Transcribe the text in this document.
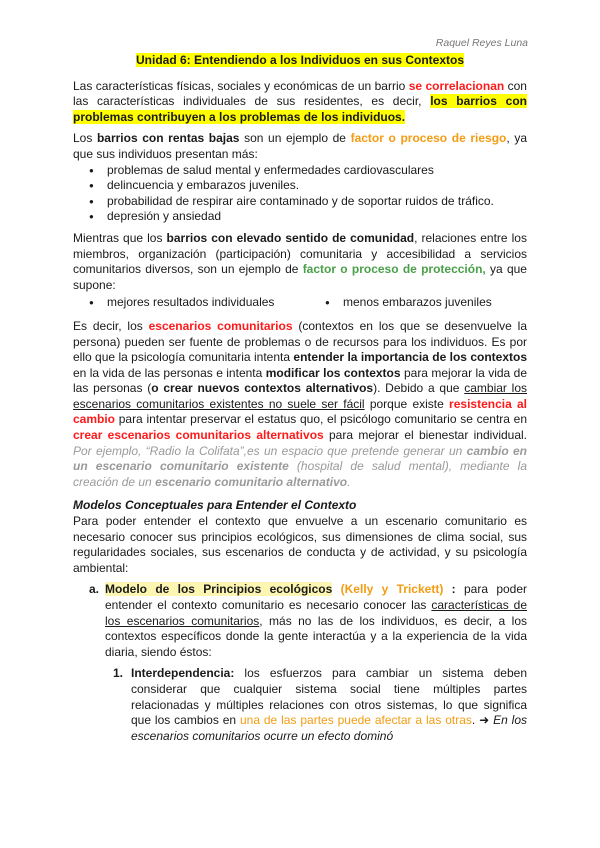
Raquel Reyes Luna
Unidad 6: Entendiendo a los Individuos en sus Contextos

Las características físicas, sociales y económicas de un barrio se correlacionan con las características individuales de sus residentes, es decir, los barrios con problemas contribuyen a los problemas de los individuos.

Los barrios con rentas bajas son un ejemplo de factor o proceso de riesgo, ya que sus individuos presentan más:

● problemas de salud mental y enfermedades cardiovasculares
● delincuencia y embarazos juveniles.
● probabilidad de respirar aire contaminado y de soportar ruidos de tráfico.
● depresión y ansiedad

Mientras que los barrios con elevado sentido de comunidad, relaciones entre los miembros, organización (participación) comunitaria y accesibilidad a servicios comunitarios diversos, son un ejemplo de factor o proceso de protección, ya que supone:

● mejores resultados individuales
●	menos embarazos juveniles

Es decir, los escenarios comunitarios (contextos en los que se desenvuelve la persona) pueden ser fuente de problemas o de recursos para los individuos. Es por ello que la psicología comunitaria intenta entender la importancia de los contextos en la vida de las personas e intenta modificar los contextos para mejorar la vida de las personas (o crear nuevos contextos alternativos). Debido a que cambiar los escenarios comunitarios existentes no suele ser fácil porque existe resistencia al cambio para intentar preservar el estatus quo, el psicólogo comunitario se centra en crear escenarios comunitarios alternativos para mejorar el bienestar individual. Por ejemplo, “Radio la Colifata”,es un espacio que pretende generar un cambio en un escenario comunitario existente (hospital de salud mental), mediante la creación de un escenario comunitario alternativo.

Modelos Conceptuales para Entender el Contexto

Para poder entender el contexto que envuelve a un escenario comunitario es necesario conocer sus principios ecológicos, sus dimensiones de clima social, sus regularidades sociales, sus escenarios de conducta y de actividad, y su psicología ambiental:

a. Modelo de los Principios ecológicos (Kelly y Trickett) : para poder entender el contexto comunitario es necesario conocer las características de los escenarios comunitarios, más no las de los individuos, es decir, a los contextos específicos donde la gente interactúa y a la experiencia de la vida diaria, siendo éstos:

1. Interdependencia: los esfuerzos para cambiar un sistema deben considerar que cualquier sistema social tiene múltiples partes relacionadas y múltiples relaciones con otros sistemas, lo que significa que los cambios en una de las partes puede afectar a las otras. ➜ En los escenarios comunitarios ocurre un efecto dominó
